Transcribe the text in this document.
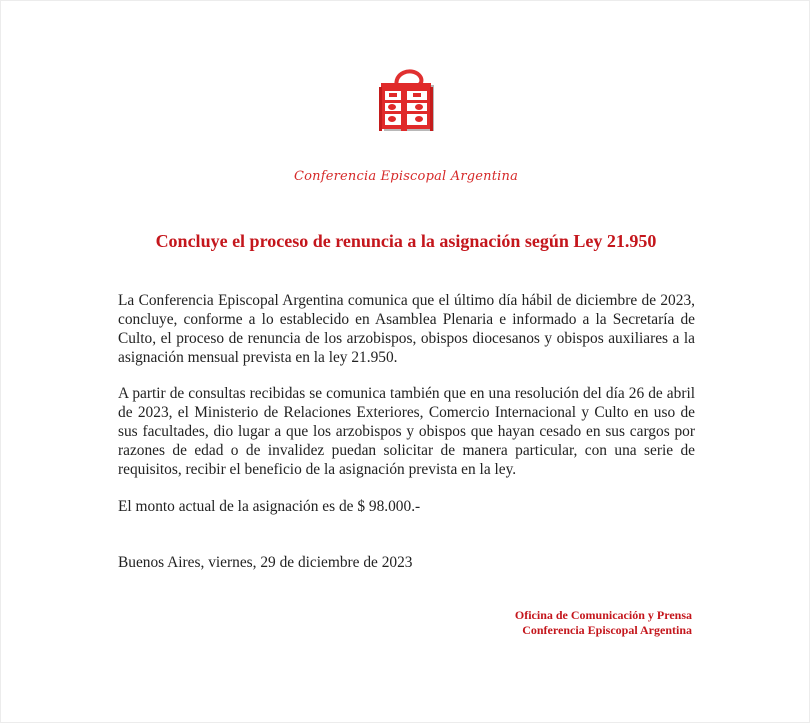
Conferencia Episcopal Argentina
Concluye el proceso de renuncia a la asignación según Ley 21.950

La Conferencia Episcopal Argentina comunica que el último día hábil de diciembre de 2023, concluye, conforme a lo establecido en Asamblea Plenaria e informado a la Secretaría de Culto, el proceso de renuncia de los arzobispos, obispos diocesanos y obispos auxiliares a la asignación mensual prevista en la ley 21.950.

A partir de consultas recibidas se comunica también que en una resolución del día 26 de abril de 2023, el Ministerio de Relaciones Exteriores, Comercio Internacional y Culto en uso de sus facultades, dio lugar a que los arzobispos y obispos que hayan cesado en sus cargos por razones de edad o de invalidez puedan solicitar de manera particular, con una serie de requisitos, recibir el beneficio de la asignación prevista en la ley.

El monto actual de la asignación es de $ 98.000.-

Buenos Aires, viernes, 29 de diciembre de 2023

Oficina de Comunicación y Prensa
Conferencia Episcopal Argentina
